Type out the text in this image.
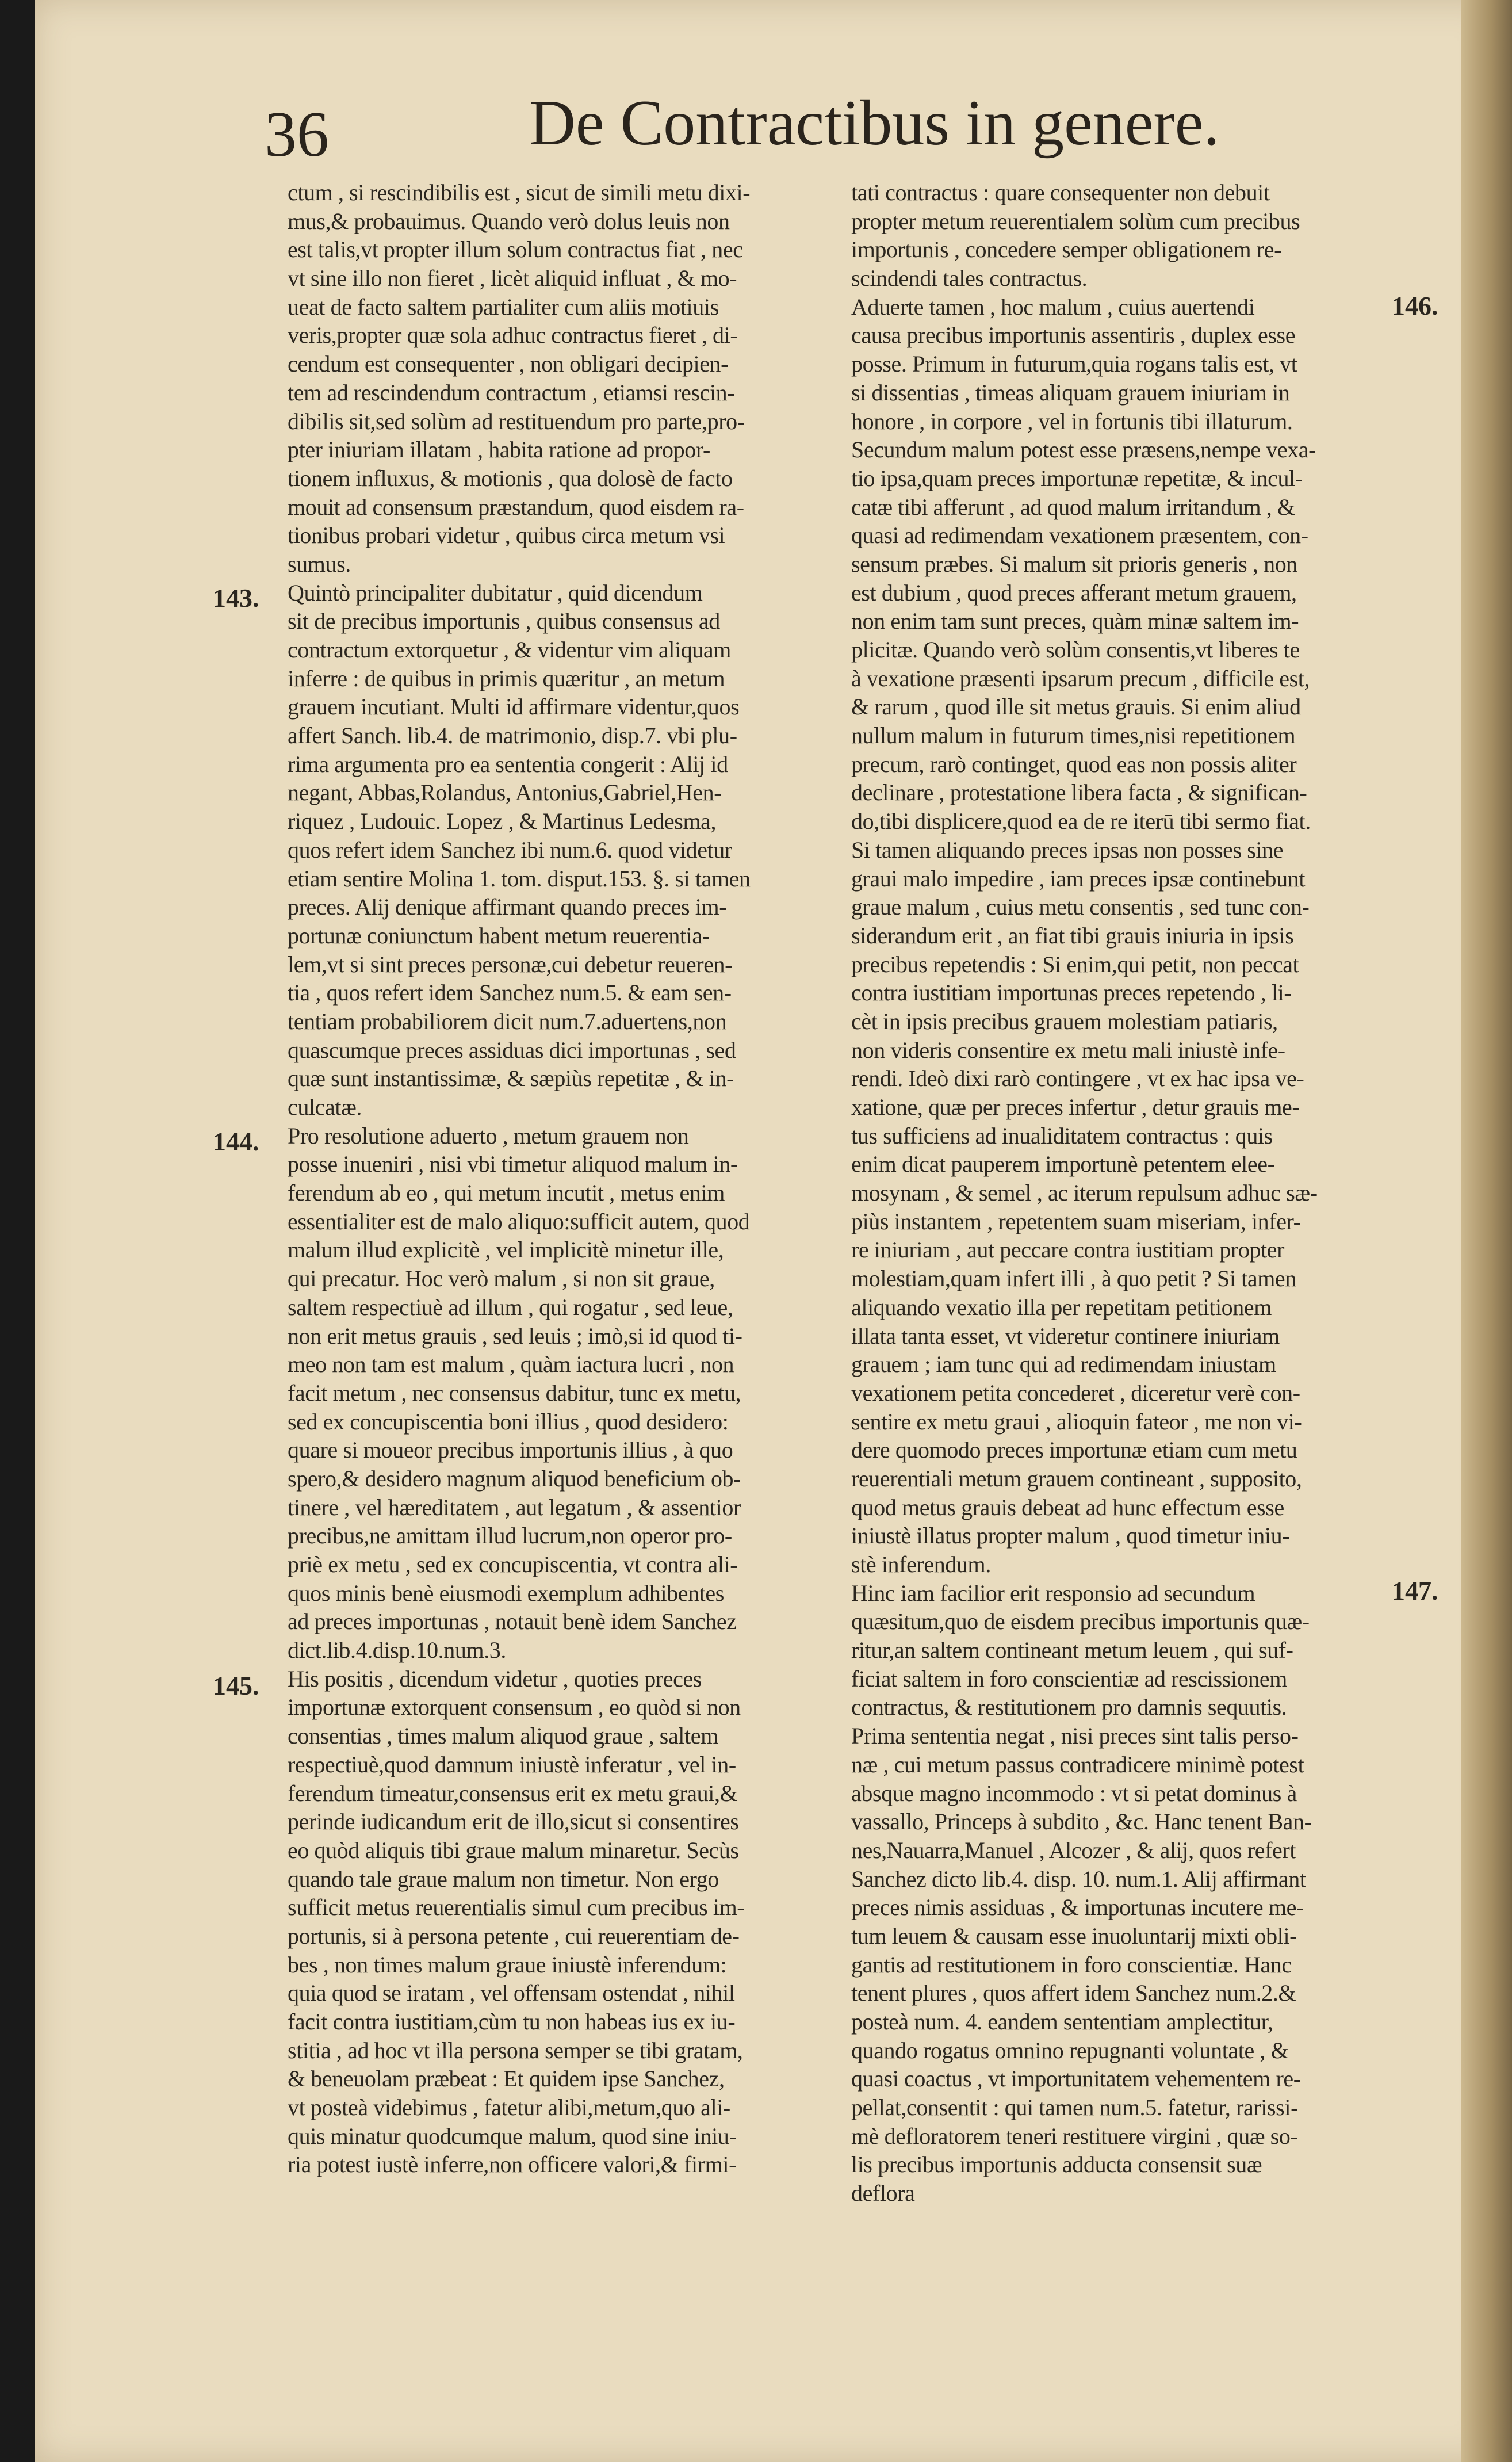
36	De Contractibus in genere.
ctum , si rescindibilis est , sicut de simili metu dixi-
mus,& probauimus. Quando verò dolus leuis non
est talis,vt propter illum solum contractus fiat , nec
vt sine illo non fieret , licèt aliquid influat , & mo-
ueat de facto saltem partialiter cum aliis motiuis
veris,propter quæ sola adhuc contractus fieret , di-
cendum est consequenter , non obligari decipien-
tem ad rescindendum contractum , etiamsi rescin-
dibilis sit,sed solùm ad restituendum pro parte,pro-
pter iniuriam illatam , habita ratione ad propor-
tionem influxus, & motionis , qua dolosè de facto
mouit ad consensum præstandum, quod eisdem ra-
tionibus probari videtur , quibus circa metum vsi
sumus.
Quintò principaliter dubitatur , quid dicendum
sit de precibus importunis , quibus consensus ad
contractum extorquetur , & videntur vim aliquam
inferre : de quibus in primis quæritur , an metum
grauem incutiant. Multi id affirmare videntur,quos
affert Sanch. lib.4. de matrimonio, disp.7. vbi plu-
rima argumenta pro ea sententia congerit : Alij id
negant, Abbas,Rolandus, Antonius,Gabriel,Hen-
riquez , Ludouic. Lopez , & Martinus Ledesma,
quos refert idem Sanchez ibi num.6. quod videtur
etiam sentire Molina 1. tom. disput.153. §. si tamen
preces. Alij denique affirmant quando preces im-
portunæ coniunctum habent metum reuerentia-
lem,vt si sint preces personæ,cui debetur reueren-
tia , quos refert idem Sanchez num.5. & eam sen-
tentiam probabiliorem dicit num.7.aduertens,non
quascumque preces assiduas dici importunas , sed
quæ sunt instantissimæ, & sæpiùs repetitæ , & in-
culcatæ.
Pro resolutione aduerto , metum grauem non
posse inueniri , nisi vbi timetur aliquod malum in-
ferendum ab eo , qui metum incutit , metus enim
essentialiter est de malo aliquo:sufficit autem, quod
malum illud explicitè , vel implicitè minetur ille,
qui precatur. Hoc verò malum , si non sit graue,
saltem respectiuè ad illum , qui rogatur , sed leue,
non erit metus grauis , sed leuis ; imò,si id quod ti-
meo non tam est malum , quàm iactura lucri , non
facit metum , nec consensus dabitur, tunc ex metu,
sed ex concupiscentia boni illius , quod desidero:
quare si moueor precibus importunis illius , à quo
spero,& desidero magnum aliquod beneficium ob-
tinere , vel hæreditatem , aut legatum , & assentior
precibus,ne amittam illud lucrum,non operor pro-
priè ex metu , sed ex concupiscentia, vt contra ali-
quos minis benè eiusmodi exemplum adhibentes
ad preces importunas , notauit benè idem Sanchez
dict.lib.4.disp.10.num.3.
His positis , dicendum videtur , quoties preces
importunæ extorquent consensum , eo quòd si non
consentias , times malum aliquod graue , saltem
respectiuè,quod damnum iniustè inferatur , vel in-
ferendum timeatur,consensus erit ex metu graui,&
perinde iudicandum erit de illo,sicut si consentires
eo quòd aliquis tibi graue malum minaretur. Secùs
quando tale graue malum non timetur. Non ergo
sufficit metus reuerentialis simul cum precibus im-
portunis, si à persona petente , cui reuerentiam de-
bes , non times malum graue iniustè inferendum:
quia quod se iratam , vel offensam ostendat , nihil
facit contra iustitiam,cùm tu non habeas ius ex iu-
stitia , ad hoc vt illa persona semper se tibi gratam,
& beneuolam præbeat : Et quidem ipse Sanchez,
vt posteà videbimus , fatetur alibi,metum,quo ali-
quis minatur quodcumque malum, quod sine iniu-
ria potest iustè inferre,non officere valori,& firmi-
tati contractus : quare consequenter non debuit
propter metum reuerentialem solùm cum precibus
importunis , concedere semper obligationem re-
scindendi tales contractus.
Aduerte tamen , hoc malum , cuius auertendi
causa precibus importunis assentiris , duplex esse
posse. Primum in futurum,quia rogans talis est, vt
si dissentias , timeas aliquam grauem iniuriam in
honore , in corpore , vel in fortunis tibi illaturum.
Secundum malum potest esse præsens,nempe vexa-
tio ipsa,quam preces importunæ repetitæ, & incul-
catæ tibi afferunt , ad quod malum irritandum , &
quasi ad redimendam vexationem præsentem, con-
sensum præbes. Si malum sit prioris generis , non
est dubium , quod preces afferant metum grauem,
non enim tam sunt preces, quàm minæ saltem im-
plicitæ. Quando verò solùm consentis,vt liberes te
à vexatione præsenti ipsarum precum , difficile est,
& rarum , quod ille sit metus grauis. Si enim aliud
nullum malum in futurum times,nisi repetitionem
precum, rarò continget, quod eas non possis aliter
declinare , protestatione libera facta , & significan-
do,tibi displicere,quod ea de re iterū tibi sermo fiat.
Si tamen aliquando preces ipsas non posses sine
graui malo impedire , iam preces ipsæ continebunt
graue malum , cuius metu consentis , sed tunc con-
siderandum erit , an fiat tibi grauis iniuria in ipsis
precibus repetendis : Si enim,qui petit, non peccat
contra iustitiam importunas preces repetendo , li-
cèt in ipsis precibus grauem molestiam patiaris,
non videris consentire ex metu mali iniustè infe-
rendi. Ideò dixi rarò contingere , vt ex hac ipsa ve-
xatione, quæ per preces infertur , detur grauis me-
tus sufficiens ad inualiditatem contractus : quis
enim dicat pauperem importunè petentem elee-
mosynam , & semel , ac iterum repulsum adhuc sæ-
piùs instantem , repetentem suam miseriam, infer-
re iniuriam , aut peccare contra iustitiam propter
molestiam,quam infert illi , à quo petit ? Si tamen
aliquando vexatio illa per repetitam petitionem
illata tanta esset, vt videretur continere iniuriam
grauem ; iam tunc qui ad redimendam iniustam
vexationem petita concederet , diceretur verè con-
sentire ex metu graui , alioquin fateor , me non vi-
dere quomodo preces importunæ etiam cum metu
reuerentiali metum grauem contineant , supposito,
quod metus grauis debeat ad hunc effectum esse
iniustè illatus propter malum , quod timetur iniu-
stè inferendum.
Hinc iam facilior erit responsio ad secundum
quæsitum,quo de eisdem precibus importunis quæ-
ritur,an saltem contineant metum leuem , qui suf-
ficiat saltem in foro conscientiæ ad rescissionem
contractus, & restitutionem pro damnis sequutis.
Prima sententia negat , nisi preces sint talis perso-
næ , cui metum passus contradicere minimè potest
absque magno incommodo : vt si petat dominus à
vassallo, Princeps à subdito , &c. Hanc tenent Ban-
nes,Nauarra,Manuel , Alcozer , & alij, quos refert
Sanchez dicto lib.4. disp. 10. num.1. Alij affirmant
preces nimis assiduas , & importunas incutere me-
tum leuem & causam esse inuoluntarij mixti obli-
gantis ad restitutionem in foro conscientiæ. Hanc
tenent plures , quos affert idem Sanchez num.2.&
posteà num. 4. eandem sententiam amplectitur,
quando rogatus omnino repugnanti voluntate , &
quasi coactus , vt importunitatem vehementem re-
pellat,consentit : qui tamen num.5. fatetur, rarissi-
mè defloratorem teneri restituere virgini , quæ so-
lis precibus importunis adducta consensit suæ
deflora
143.
144.
145.
146.
147.
